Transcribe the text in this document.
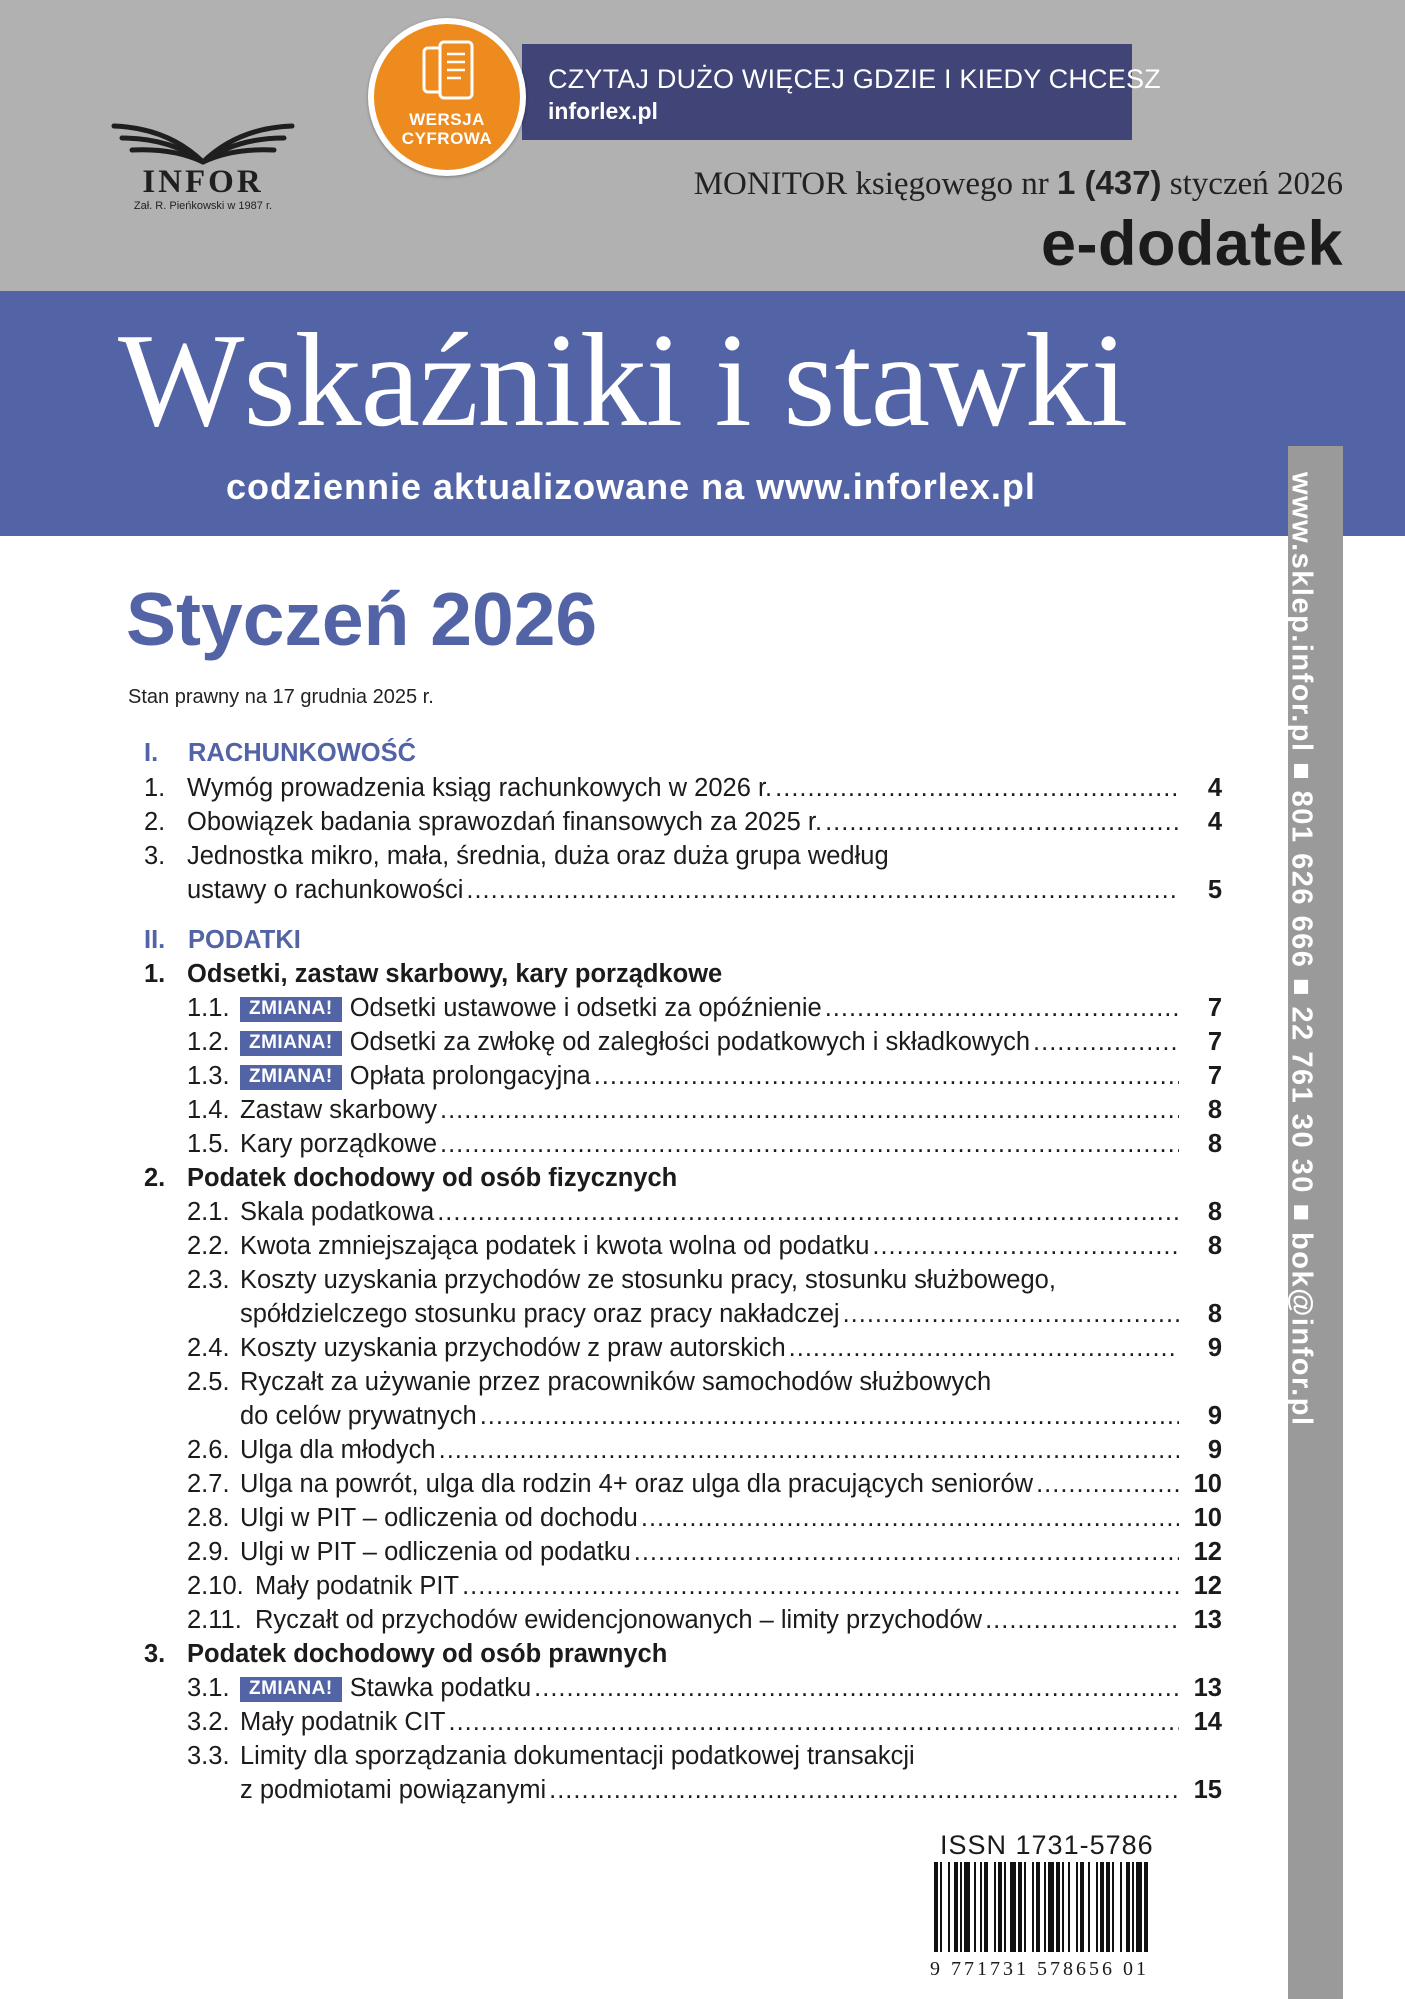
INFOR
Zał. R. Pieńkowski w 1987 r.
CZYTAJ DUŻO WIĘCEJ GDZIE I KIEDY CHCESZ
inforlex.pl
WERSJA
CYFROWA
MONITOR księgowego nr 1 (437) styczeń 2026
e-dodatek
Wskaźniki i stawki
codziennie aktualizowane na www.inforlex.pl	www.sklep.infor.pl ■ 801 626 666 ■ 22 761 30 30 ■ bok@infor.pl
Styczeń 2026
Stan prawny na 17 grudnia 2025 r.
I. RACHUNKOWOŚĆ
1. Wymóg prowadzenia ksiąg rachunkowych w 2026 r. .....	4
2. Obowiązek badania sprawozdań finansowych za 2025 r. .....	4
3. Jednostka mikro, mała, średnia, duża oraz duża grupa według
ustawy o rachunkowości .....	5
II. PODATKI
1. Odsetki, zastaw skarbowy, kary porządkowe
1.1.	ZMIANA! Odsetki ustawowe i odsetki za opóźnienie .....	7
1.2.	ZMIANA! Odsetki za zwłokę od zaległości podatkowych i składkowych .....	7
1.3.	ZMIANA! Opłata prolongacyjna .....	7
1.4. Zastaw skarbowy .....	8
1.5. Kary porządkowe .....	8
2. Podatek dochodowy od osób fizycznych
2.1. Skala podatkowa .....	8
2.2. Kwota zmniejszająca podatek i kwota wolna od podatku .....	8
2.3. Koszty uzyskania przychodów ze stosunku pracy, stosunku służbowego,
spółdzielczego stosunku pracy oraz pracy nakładczej .....	8
2.4. Koszty uzyskania przychodów z praw autorskich .....	9
2.5. Ryczałt za używanie przez pracowników samochodów służbowych
do celów prywatnych .....	9
2.6. Ulga dla młodych .....	9
2.7. Ulga na powrót, ulga dla rodzin 4+ oraz ulga dla pracujących seniorów .....	10
2.8. Ulgi w PIT – odliczenia od dochodu .....	10
2.9. Ulgi w PIT – odliczenia od podatku .....	12
2.10. Mały podatnik PIT .....	12
2.11. Ryczałt od przychodów ewidencjonowanych – limity przychodów .....	13
3. Podatek dochodowy od osób prawnych
3.1.	ZMIANA! Stawka podatku .....	13
3.2. Mały podatnik CIT .....	14
3.3. Limity dla sporządzania dokumentacji podatkowej transakcji
z podmiotami powiązanymi .....	15
ISSN 1731-5786
9 771731 578656 01
